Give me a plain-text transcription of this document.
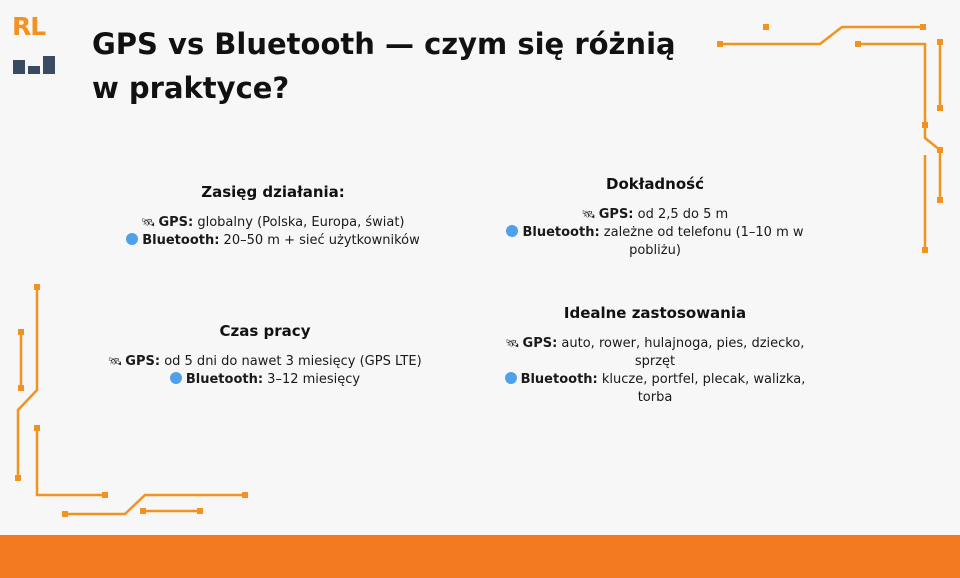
RL
GPS vs Bluetooth — czym się różnią w praktyce?
Zasięg działania:
🛰 GPS: globalny (Polska, Europa, świat)
Bluetooth: 20–50 m + sieć użytkowników
Dokładność
🛰 GPS: od 2,5 do 5 m
Bluetooth: zależne od telefonu (1–10 m w pobliżu)
Czas pracy
🛰 GPS: od 5 dni do nawet 3 miesięcy (GPS LTE)
Bluetooth: 3–12 miesięcy
Idealne zastosowania
🛰 GPS: auto, rower, hulajnoga, pies, dziecko, sprzęt
Bluetooth: klucze, portfel, plecak, walizka, torba
